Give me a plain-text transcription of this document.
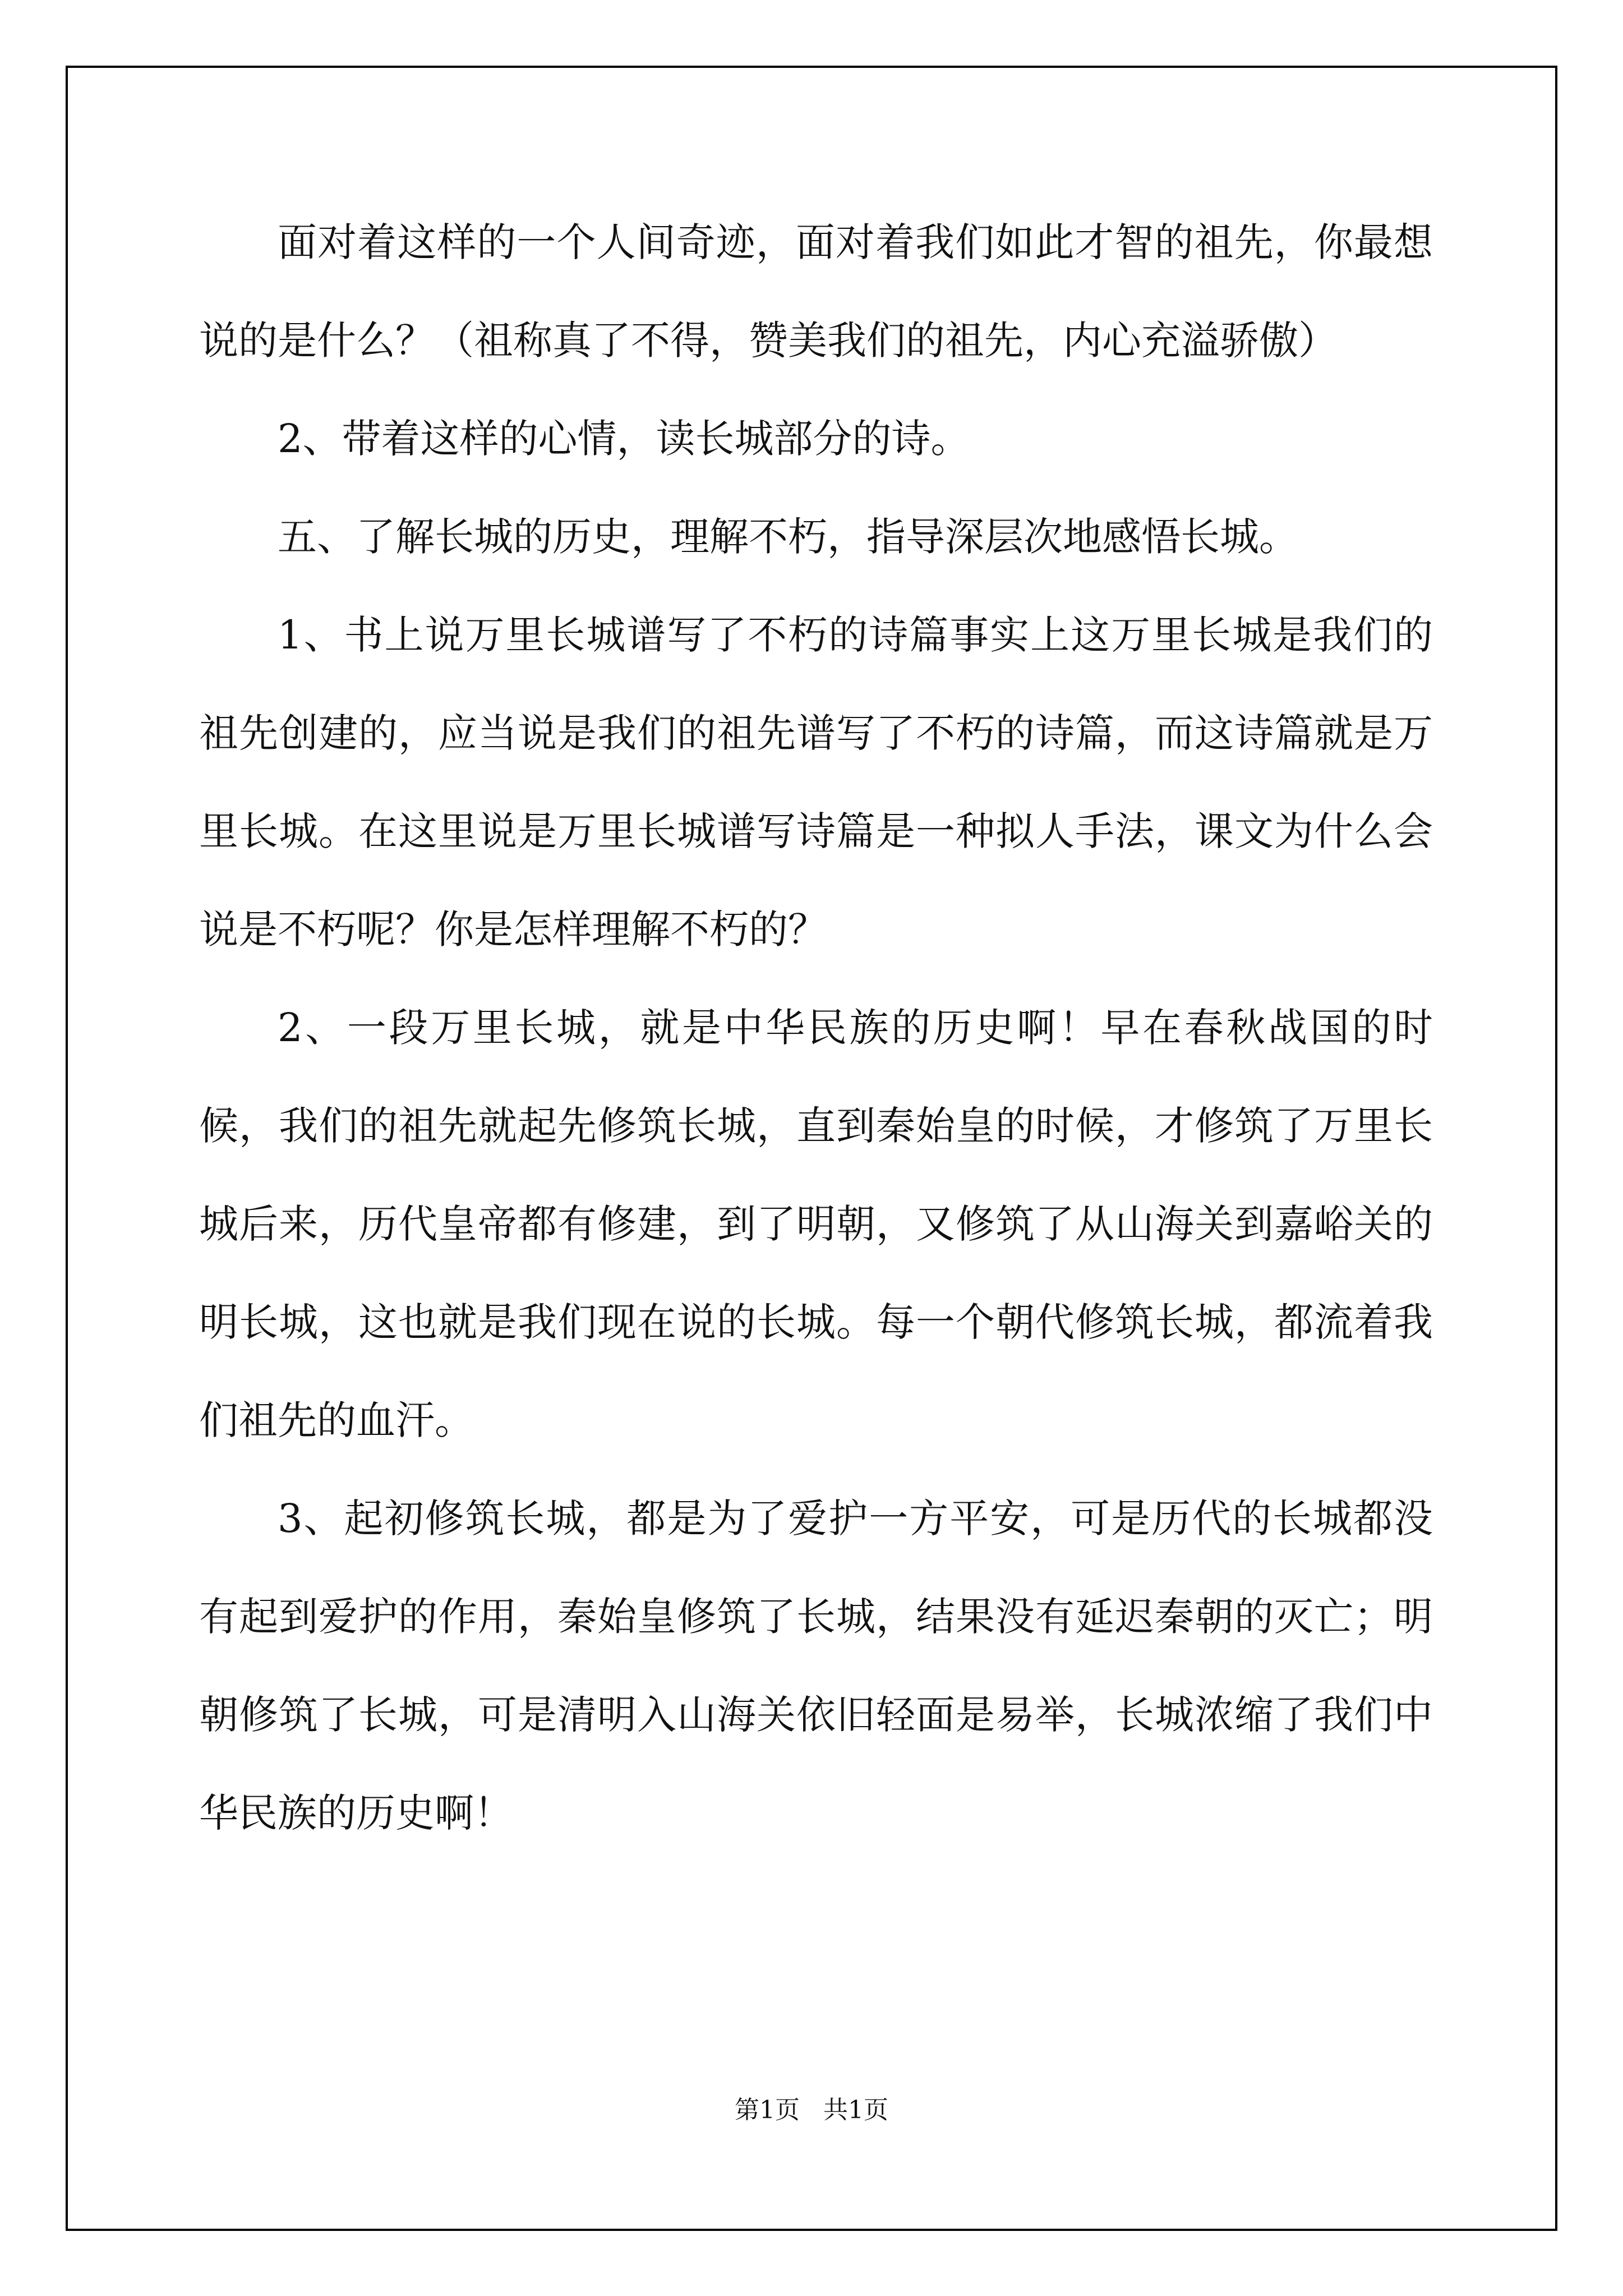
面对着这样的一个人间奇迹，面对着我们如此才智的祖先，你最想说的是什么？（祖称真了不得，赞美我们的祖先，内心充溢骄傲）

2、带着这样的心情，读长城部分的诗。

五、了解长城的历史，理解不朽，指导深层次地感悟长城。

1、书上说万里长城谱写了不朽的诗篇事实上这万里长城是我们的祖先创建的，应当说是我们的祖先谱写了不朽的诗篇，而这诗篇就是万里长城。在这里说是万里长城谱写诗篇是一种拟人手法，课文为什么会说是不朽呢？你是怎样理解不朽的？

2、一段万里长城，就是中华民族的历史啊！早在春秋战国的时候，我们的祖先就起先修筑长城，直到秦始皇的时候，才修筑了万里长城后来，历代皇帝都有修建，到了明朝，又修筑了从山海关到嘉峪关的明长城，这也就是我们现在说的长城。每一个朝代修筑长城，都流着我们祖先的血汗。

3、起初修筑长城，都是为了爱护一方平安，可是历代的长城都没有起到爱护的作用，秦始皇修筑了长城，结果没有延迟秦朝的灭亡；明朝修筑了长城，可是清明入山海关依旧轻面是易举，长城浓缩了我们中华民族的历史啊！

第1页   共1页
